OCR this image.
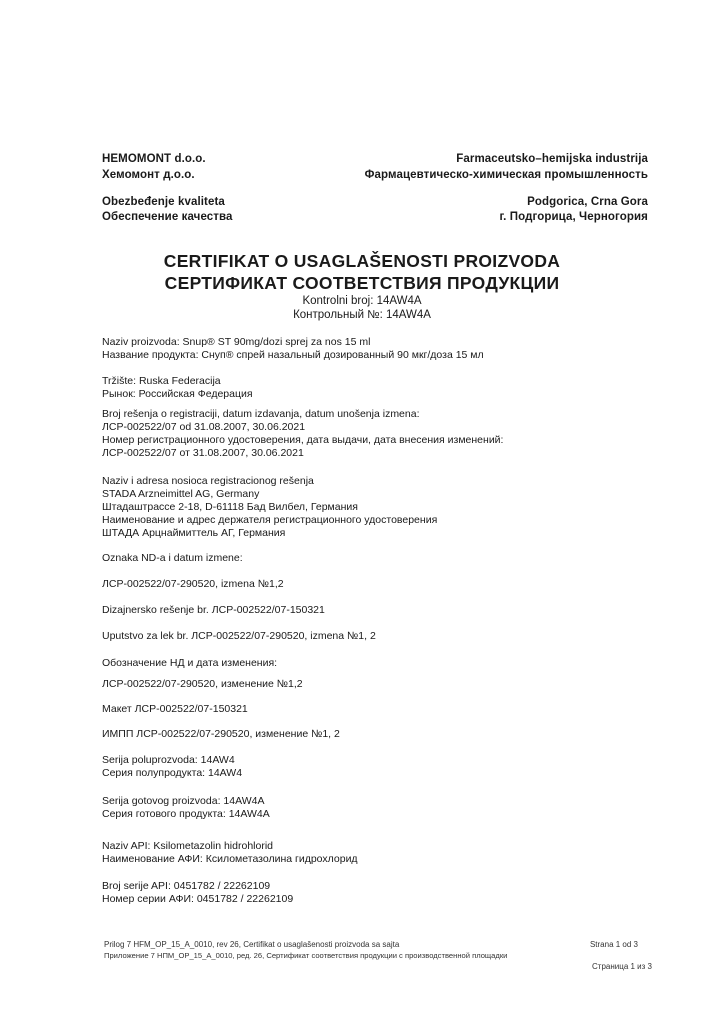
HEMOMONT d.o.o.
Хемомонт д.о.о.
Farmaceutsko–hemijska industrija
Фармацевтическо-химическая промышленность
Obezbeđenje kvaliteta
Обеспечение качества
Podgorica, Crna Gora
г. Подгорица, Черногория
CERTIFIKAT O USAGLAŠENOSTI PROIZVODA
СЕРТИФИКАТ СООТВЕТСТВИЯ ПРОДУКЦИИ
Kontrolni broj: 14AW4A
Контрольный №: 14AW4A
Naziv proizvoda: Snup® ST 90mg/dozi sprej za nos 15 ml
Название продукта: Снуп® спрей назальный дозированный 90 мкг/доза 15 мл
Tržište: Ruska Federacija
Рынок: Российская Федерация
Broj rešenja o registraciji, datum izdavanja, datum unošenja izmena:
ЛСР-002522/07 od 31.08.2007, 30.06.2021
Номер регистрационного удостоверения, дата выдачи, дата внесения изменений:
ЛСР-002522/07 от 31.08.2007, 30.06.2021
Naziv i adresa nosioca registracionog rešenja
STADA Arzneimittel AG, Germany
Штадаштрассе 2-18, D-61118 Бад Вилбел, Германия
Наименование и адрес держателя регистрационного удостоверения
ШТАДА Арцнаймиттель АГ, Германия
Oznaka ND-a i datum izmene:
ЛСР-002522/07-290520, izmena №1,2
Dizajnersko rešenje br. ЛСР-002522/07-150321
Uputstvo za lek br. ЛСР-002522/07-290520, izmena №1, 2
Обозначение НД и дата изменения:
ЛСР-002522/07-290520, изменение №1,2
Макет ЛСР-002522/07-150321
ИМПП ЛСР-002522/07-290520, изменение №1, 2
Serija poluprozvoda: 14AW4
Серия полупродукта: 14AW4
Serija gotovog proizvoda: 14AW4A
Серия готового продукта: 14AW4A
Naziv API: Ksilometazolin hidrohlorid
Наименование АФИ: Ксилометазолина гидрохлорид
Broj serije API: 0451782 / 22262109
Номер серии АФИ: 0451782 / 22262109
Prilog 7 HFM_OP_15_A_0010, rev 26, Certifikat o usaglašenosti proizvoda sa sajta
Приложение 7 НПМ_OP_15_A_0010, ред. 26, Сертификат соответствия продукции с производственной площадки
Strana 1 od 3
Страница 1 из 3
